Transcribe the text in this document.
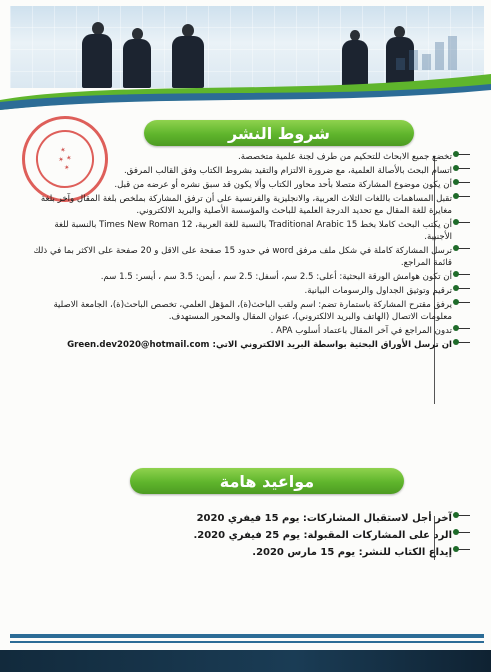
✶
✶ ✶
✶
شروط النشر
تخضع جميع الابحاث للتحكيم من طرف لجنة علمية متخصصة.
اتسام البحث بالأصالة العلمية، مع ضرورة الالتزام والتقيد بشروط الكتاب وفق القالب المرفق.
أن يكون موضوع المشاركة متصلا بأحد محاور الكتاب وألا يكون قد سبق نشره أو عرضه من قبل.
تقبل المساهمات باللغات الثلاث العربية، والانجليزية والفرنسية على أن ترفق المشاركة بملخص بلغة المقال وآخر بلغة مغايرة للغة المقال مع تحديد الدرجة العلمية للباحث والمؤسسة الأصلية والبريد الالكتروني.
أن يكتب البحث كاملا بخط Traditional Arabic 15 بالنسبة للغة العربية، 12 Times New Roman بالنسبة للغة الأجنبية.
ترسل المشاركة كاملة في شكل ملف مرفق word في حدود 15 صفحة على الاقل و 20 صفحة على الاكثر بما في ذلك قائمة المراجع.
أن تكون هوامش الورقة البحثية: أعلى: 2.5 سم، أسفل: 2.5 سم ، أيمن: 3.5 سم ، أيسر: 1.5 سم.
ترقيم وتوثيق الجداول والرسومات البيانية.
يرفق مقترح المشاركة باستمارة تضم: اسم ولقب الباحث(ة)، المؤهل العلمي، تخصص الباحث(ة)، الجامعة الاصلية معلومات الاتصال (الهاتف والبريد الالكتروني)، عنوان المقال والمحور المستهدف.
تدون المراجع في آخر المقال باعتماد أسلوب APA .
ان ترسل الأوراق البحثية بواسطة البريد الالكتروني الاتي: Green.dev2020@hotmail.com
مواعيد هامة
آخر أجل لاستقبال المشاركات: يوم 15 فيفري 2020
الرد على المشاركات المقبولة: يوم 25 فيفري 2020.
إيداع الكتاب للنشر: يوم 15 مارس 2020.
